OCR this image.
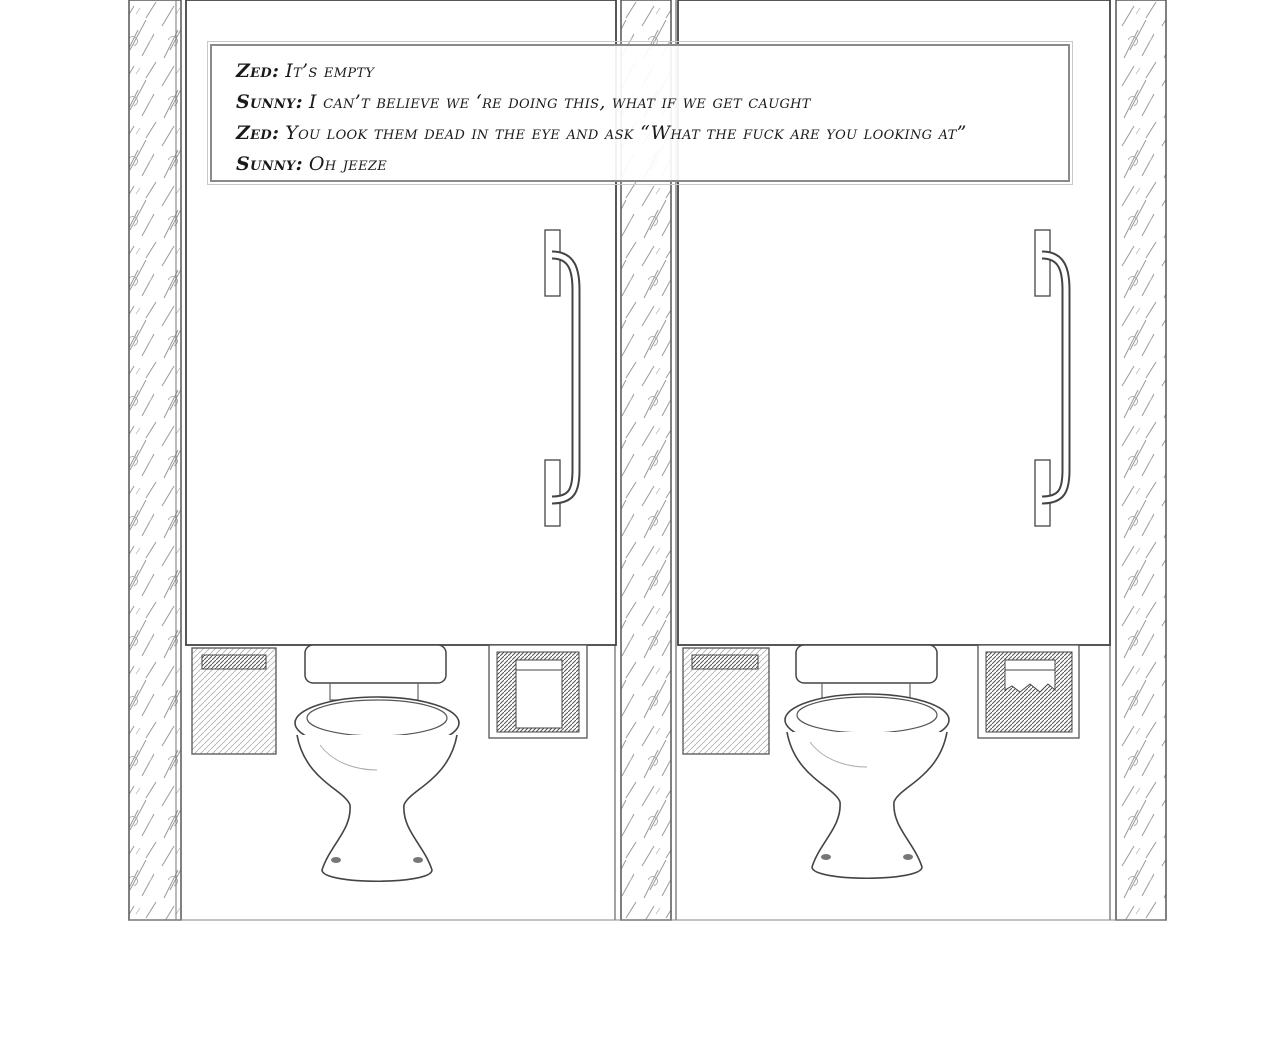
Zed: It’s empty
Sunny: I can’t believe we ‘re doing this, what if we get caught
Zed: You look them dead in the eye and ask “What the fuck are you looking at”
Sunny: Oh jeeze
